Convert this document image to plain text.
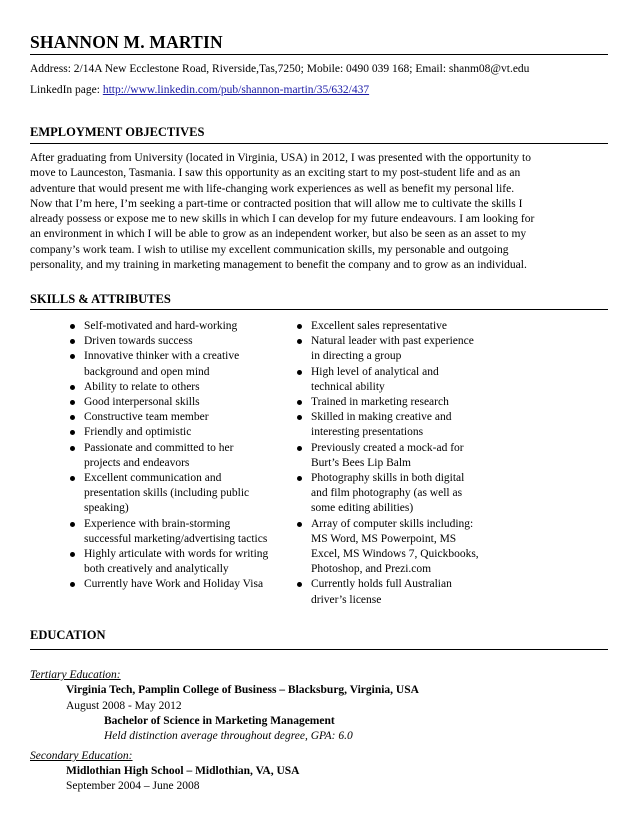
SHANNON M. MARTIN
Address: 2/14A New Ecclestone Road, Riverside,Tas,7250; Mobile: 0490 039 168; Email: shanm08@vt.edu
LinkedIn page: http://www.linkedin.com/pub/shannon-martin/35/632/437
EMPLOYMENT OBJECTIVES
After graduating from University (located in Virginia, USA) in 2012, I was presented with the opportunity to
move to Launceston, Tasmania. I saw this opportunity as an exciting start to my post-student life and as an
adventure that would present me with life-changing work experiences as well as benefit my personal life.
Now that I’m here, I’m seeking a part-time or contracted position that will allow me to cultivate the skills I
already possess or expose me to new skills in which I can develop for my future endeavours. I am looking for
an environment in which I will be able to grow as an independent worker, but also be seen as an asset to my
company’s work team. I wish to utilise my excellent communication skills, my personable and outgoing
personality, and my training in marketing management to benefit the company and to grow as an individual.
SKILLS & ATTRIBUTES
Self-motivated and hard-working
Driven towards success
Innovative thinker with a creative
background and open mind
Ability to relate to others
Good interpersonal skills
Constructive team member
Friendly and optimistic
Passionate and committed to her
projects and endeavors
Excellent communication and
presentation skills (including public
speaking)
Experience with brain-storming
successful marketing/advertising tactics
Highly articulate with words for writing
both creatively and analytically
Currently have Work and Holiday Visa
Excellent sales representative
Natural leader with past experience
in directing a group
High level of analytical and
technical ability
Trained in marketing research
Skilled in making creative and
interesting presentations
Previously created a mock-ad for
Burt’s Bees Lip Balm
Photography skills in both digital
and film photography (as well as
some editing abilities)
Array of computer skills including:
MS Word, MS Powerpoint, MS
Excel, MS Windows 7, Quickbooks,
Photoshop, and Prezi.com
Currently holds full Australian
driver’s license
EDUCATION
Tertiary Education:
Virginia Tech, Pamplin College of Business – Blacksburg, Virginia, USA
August 2008 - May 2012
Bachelor of Science in Marketing Management
Held distinction average throughout degree, GPA: 6.0
Secondary Education:
Midlothian High School – Midlothian, VA, USA
September 2004 – June 2008
